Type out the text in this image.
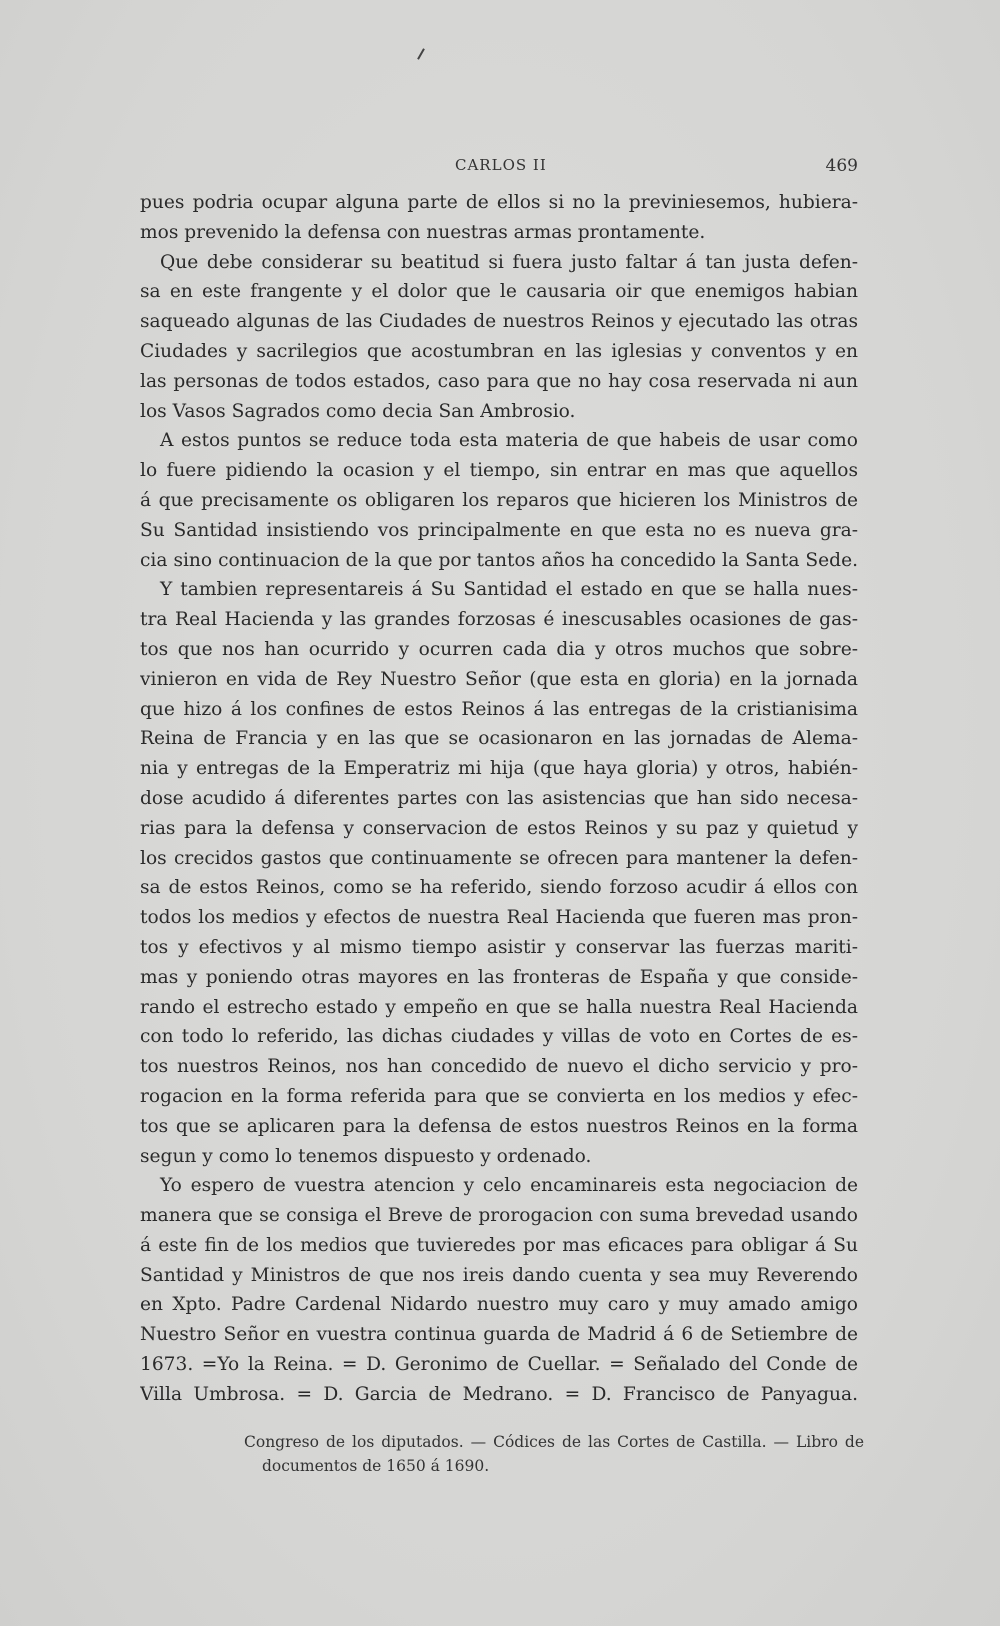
CARLOS II	469
pues podria ocupar alguna parte de ellos si no la previniesemos, hubiera-
mos prevenido la defensa con nuestras armas prontamente.
Que debe considerar su beatitud si fuera justo faltar á tan justa defen-
sa en este frangente y el dolor que le causaria oir que enemigos habian
saqueado algunas de las Ciudades de nuestros Reinos y ejecutado las otras
Ciudades y sacrilegios que acostumbran en las iglesias y conventos y en
las personas de todos estados, caso para que no hay cosa reservada ni aun
los Vasos Sagrados como decia San Ambrosio.
A estos puntos se reduce toda esta materia de que habeis de usar como
lo fuere pidiendo la ocasion y el tiempo, sin entrar en mas que aquellos
á que precisamente os obligaren los reparos que hicieren los Ministros de
Su Santidad insistiendo vos principalmente en que esta no es nueva gra-
cia sino continuacion de la que por tantos años ha concedido la Santa Sede.
Y tambien representareis á Su Santidad el estado en que se halla nues-
tra Real Hacienda y las grandes forzosas é inescusables ocasiones de gas-
tos que nos han ocurrido y ocurren cada dia y otros muchos que sobre-
vinieron en vida de Rey Nuestro Señor (que esta en gloria) en la jornada
que hizo á los confines de estos Reinos á las entregas de la cristianisima
Reina de Francia y en las que se ocasionaron en las jornadas de Alema-
nia y entregas de la Emperatriz mi hija (que haya gloria) y otros, habién-
dose acudido á diferentes partes con las asistencias que han sido necesa-
rias para la defensa y conservacion de estos Reinos y su paz y quietud y
los crecidos gastos que continuamente se ofrecen para mantener la defen-
sa de estos Reinos, como se ha referido, siendo forzoso acudir á ellos con
todos los medios y efectos de nuestra Real Hacienda que fueren mas pron-
tos y efectivos y al mismo tiempo asistir y conservar las fuerzas mariti-
mas y poniendo otras mayores en las fronteras de España y que conside-
rando el estrecho estado y empeño en que se halla nuestra Real Hacienda
con todo lo referido, las dichas ciudades y villas de voto en Cortes de es-
tos nuestros Reinos, nos han concedido de nuevo el dicho servicio y pro-
rogacion en la forma referida para que se convierta en los medios y efec-
tos que se aplicaren para la defensa de estos nuestros Reinos en la forma
segun y como lo tenemos dispuesto y ordenado.
Yo espero de vuestra atencion y celo encaminareis esta negociacion de
manera que se consiga el Breve de prorogacion con suma brevedad usando
á este fin de los medios que tuvieredes por mas eficaces para obligar á Su
Santidad y Ministros de que nos ireis dando cuenta y sea muy Reverendo
en Xpto. Padre Cardenal Nidardo nuestro muy caro y muy amado amigo
Nuestro Señor en vuestra continua guarda de Madrid á 6 de Setiembre de
1673. =Yo la Reina. = D. Geronimo de Cuellar. = Señalado del Conde de
Villa Umbrosa. = D. Garcia de Medrano. = D. Francisco de Panyagua.
Congreso de los diputados. — Códices de las Cortes de Castilla. — Libro de
documentos de 1650 á 1690.
